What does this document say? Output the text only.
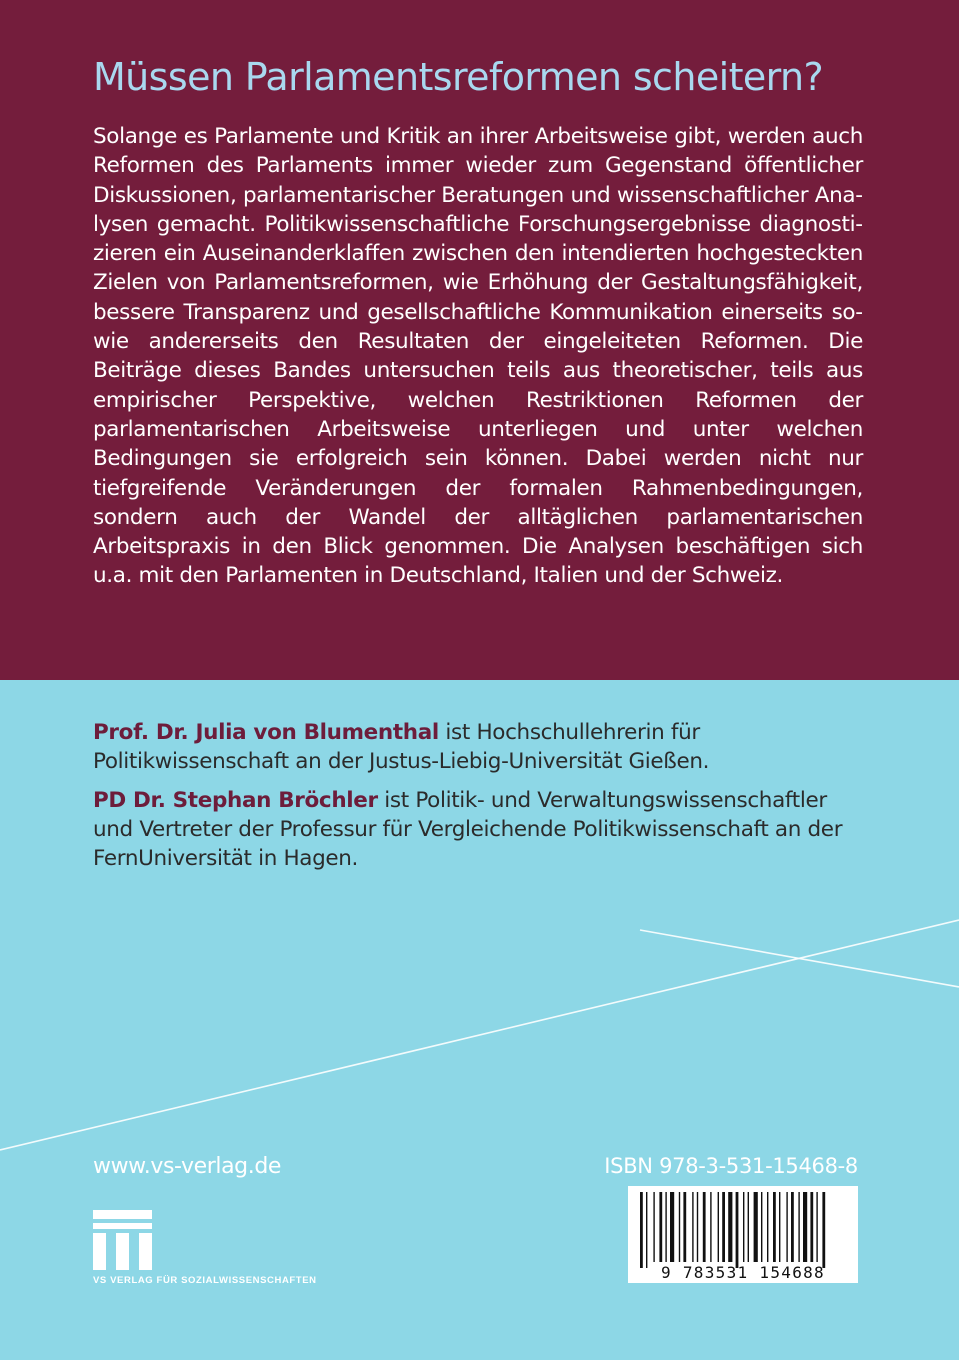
Müssen Parlamentsreformen scheitern?

Solange es Parlamente und Kritik an ihrer Arbeitsweise gibt, werden auch Reformen des Parlaments immer wieder zum Gegenstand öffentlicher Diskussionen, parlamentarischer Beratungen und wissenschaftlicher Analysen gemacht. Politikwissenschaftliche Forschungsergebnisse diagnostizieren ein Auseinanderklaffen zwischen den intendierten hochgesteckten Zielen von Parlamentsreformen, wie Erhöhung der Gestaltungsfähigkeit, bessere Transparenz und gesellschaftliche Kommunikation einerseits sowie andererseits den Resultaten der eingeleiteten Reformen. Die Beiträge dieses Bandes untersuchen teils aus theoretischer, teils aus empirischer Perspektive, welchen Restriktionen Reformen der parlamentarischen Arbeitsweise unterliegen und unter welchen Bedingungen sie erfolgreich sein können. Dabei werden nicht nur tiefgreifende Veränderungen der formalen Rahmenbedingungen, sondern auch der Wandel der alltäglichen parlamentarischen Arbeitspraxis in den Blick genommen. Die Analysen beschäftigen sich u.a. mit den Parlamenten in Deutschland, Italien und der Schweiz.

Prof. Dr. Julia von Blumenthal ist Hochschullehrerin für Politikwissenschaft an der Justus-Liebig-Universität Gießen.

PD Dr. Stephan Bröchler ist Politik- und Verwaltungswissenschaftler und Vertreter der Professur für Vergleichende Politikwissenschaft an der FernUniversität in Hagen.

www.vs-verlag.de	ISBN 978-3-531-15468-8
VS VERLAG FÜR SOZIALWISSENSCHAFTEN	9 783531 154688
